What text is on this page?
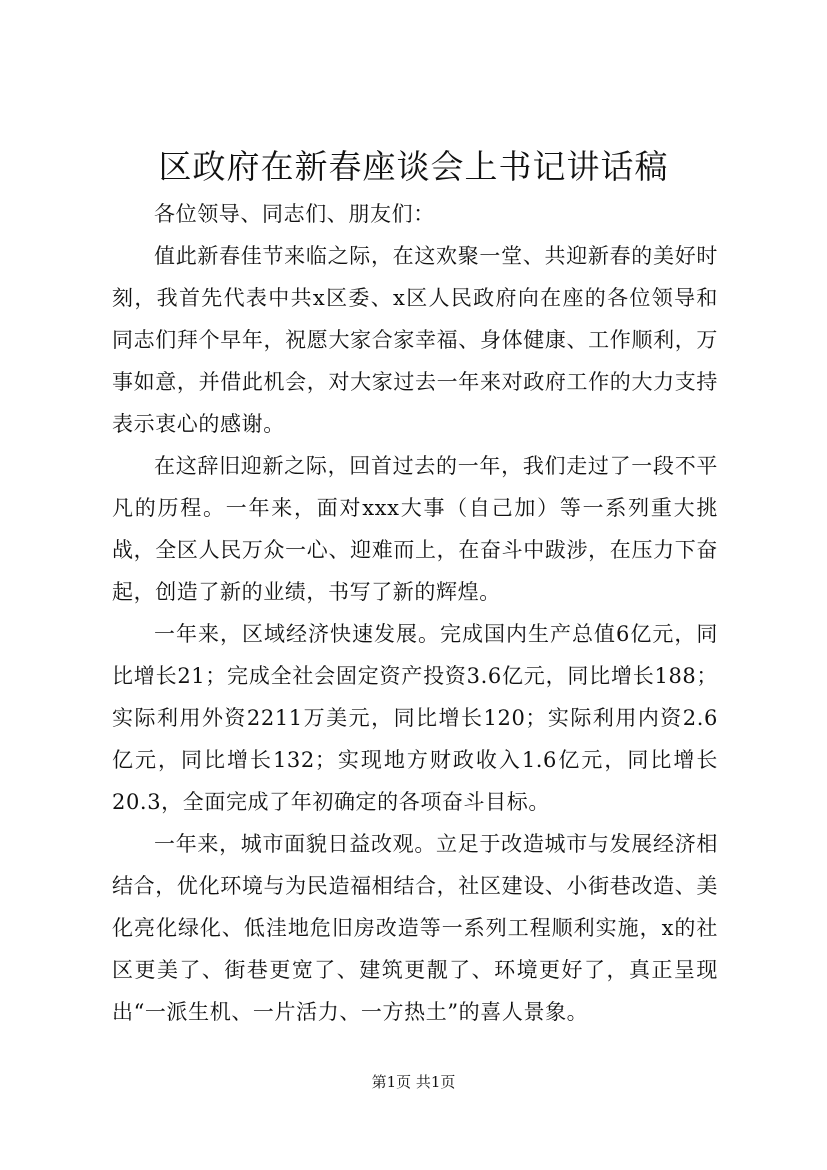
区政府在新春座谈会上书记讲话稿

各位领导、同志们、朋友们：

值此新春佳节来临之际，在这欢聚一堂、共迎新春的美好时刻，我首先代表中共x区委、x区人民政府向在座的各位领导和同志们拜个早年，祝愿大家合家幸福、身体健康、工作顺利，万事如意，并借此机会，对大家过去一年来对政府工作的大力支持表示衷心的感谢。

在这辞旧迎新之际，回首过去的一年，我们走过了一段不平凡的历程。一年来，面对xxx大事（自己加）等一系列重大挑战，全区人民万众一心、迎难而上，在奋斗中跋涉，在压力下奋起，创造了新的业绩，书写了新的辉煌。

一年来，区域经济快速发展。完成国内生产总值6亿元，同比增长21；完成全社会固定资产投资3.6亿元，同比增长188；实际利用外资2211万美元，同比增长120；实际利用内资2.6亿元，同比增长132；实现地方财政收入1.6亿元，同比增长20.3，全面完成了年初确定的各项奋斗目标。

一年来，城市面貌日益改观。立足于改造城市与发展经济相结合，优化环境与为民造福相结合，社区建设、小街巷改造、美化亮化绿化、低洼地危旧房改造等一系列工程顺利实施，x的社区更美了、街巷更宽了、建筑更靓了、环境更好了，真正呈现出“一派生机、一片活力、一方热土”的喜人景象。

第1页 共1页
